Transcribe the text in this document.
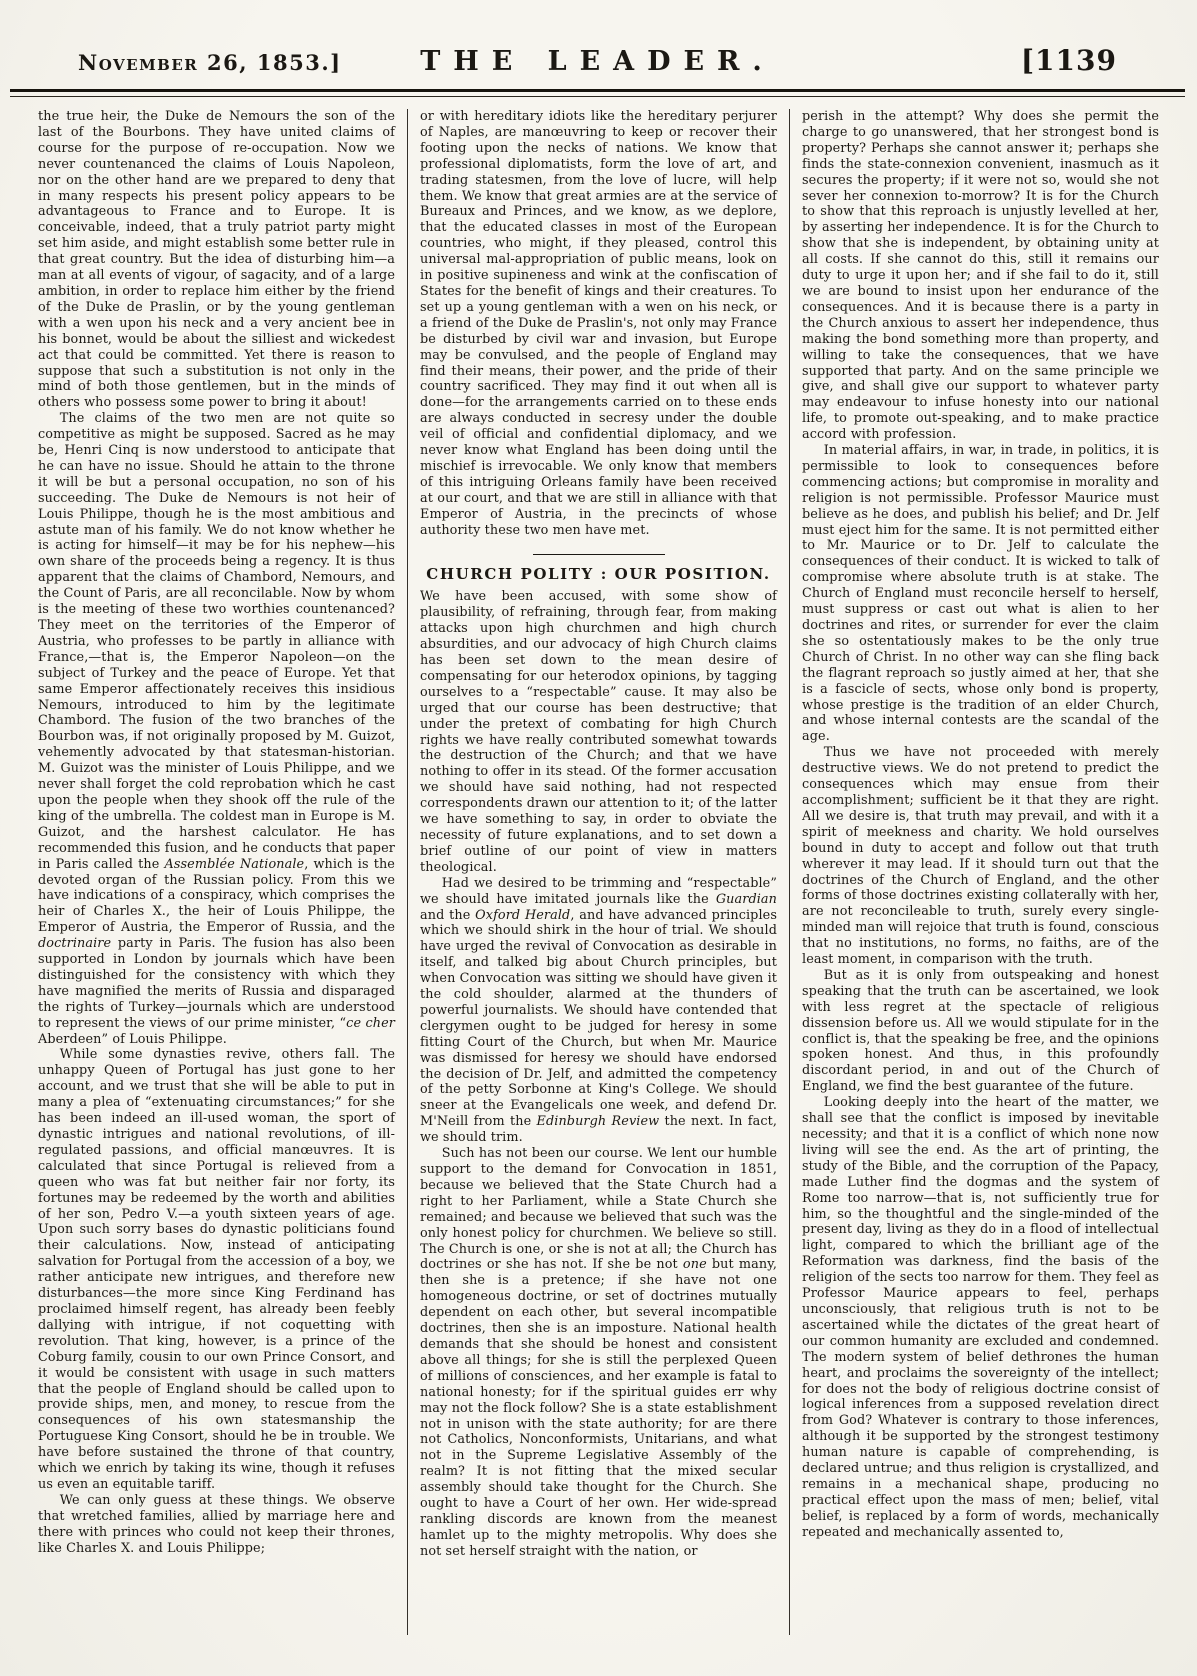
November 26, 1853.]	THE LEADER.	[1139

the true heir, the Duke de Nemours the son of the last of the Bourbons. They have united claims of course for the purpose of re-occupation. Now we never countenanced the claims of Louis Napoleon, nor on the other hand are we prepared to deny that in many respects his present policy appears to be advantageous to France and to Europe. It is conceivable, indeed, that a truly patriot party might set him aside, and might establish some better rule in that great country. But the idea of disturbing him—a man at all events of vigour, of sagacity, and of a large ambition, in order to replace him either by the friend of the Duke de Praslin, or by the young gentleman with a wen upon his neck and a very ancient bee in his bonnet, would be about the silliest and wickedest act that could be committed. Yet there is reason to suppose that such a substitution is not only in the mind of both those gentlemen, but in the minds of others who possess some power to bring it about!

The claims of the two men are not quite so competitive as might be supposed. Sacred as he may be, Henri Cinq is now understood to anticipate that he can have no issue. Should he attain to the throne it will be but a personal occupation, no son of his succeeding. The Duke de Nemours is not heir of Louis Philippe, though he is the most ambitious and astute man of his family. We do not know whether he is acting for himself—it may be for his nephew—his own share of the proceeds being a regency. It is thus apparent that the claims of Chambord, Nemours, and the Count of Paris, are all reconcilable. Now by whom is the meeting of these two worthies countenanced? They meet on the territories of the Emperor of Austria, who professes to be partly in alliance with France,—that is, the Emperor Napoleon—on the subject of Turkey and the peace of Europe. Yet that same Emperor affectionately receives this insidious Nemours, introduced to him by the legitimate Chambord. The fusion of the two branches of the Bourbon was, if not originally proposed by M. Guizot, vehemently advocated by that statesman-historian. M. Guizot was the minister of Louis Philippe, and we never shall forget the cold reprobation which he cast upon the people when they shook off the rule of the king of the umbrella. The coldest man in Europe is M. Guizot, and the harshest calculator. He has recommended this fusion, and he conducts that paper in Paris called the Assemblée Nationale, which is the devoted organ of the Russian policy. From this we have indications of a conspiracy, which comprises the heir of Charles X., the heir of Louis Philippe, the Emperor of Austria, the Emperor of Russia, and the doctrinaire party in Paris. The fusion has also been supported in London by journals which have been distinguished for the consistency with which they have magnified the merits of Russia and disparaged the rights of Turkey—journals which are understood to represent the views of our prime minister, “ce cher Aberdeen” of Louis Philippe.

While some dynasties revive, others fall. The unhappy Queen of Portugal has just gone to her account, and we trust that she will be able to put in many a plea of “extenuating circumstances;” for she has been indeed an ill-used woman, the sport of dynastic intrigues and national revolutions, of ill-regulated passions, and official manœuvres. It is calculated that since Portugal is relieved from a queen who was fat but neither fair nor forty, its fortunes may be redeemed by the worth and abilities of her son, Pedro V.—a youth sixteen years of age. Upon such sorry bases do dynastic politicians found their calculations. Now, instead of anticipating salvation for Portugal from the accession of a boy, we rather anticipate new intrigues, and therefore new disturbances—the more since King Ferdinand has proclaimed himself regent, has already been feebly dallying with intrigue, if not coquetting with revolution. That king, however, is a prince of the Coburg family, cousin to our own Prince Consort, and it would be consistent with usage in such matters that the people of England should be called upon to provide ships, men, and money, to rescue from the consequences of his own statesmanship the Portuguese King Consort, should he be in trouble. We have before sustained the throne of that country, which we enrich by taking its wine, though it refuses us even an equitable tariff.

We can only guess at these things. We observe that wretched families, allied by marriage here and there with princes who could not keep their thrones, like Charles X. and Louis Philippe;

or with hereditary idiots like the hereditary perjurer of Naples, are manœuvring to keep or recover their footing upon the necks of nations. We know that professional diplomatists, form the love of art, and trading statesmen, from the love of lucre, will help them. We know that great armies are at the service of Bureaux and Princes, and we know, as we deplore, that the educated classes in most of the European countries, who might, if they pleased, control this universal mal-appropriation of public means, look on in positive supineness and wink at the confiscation of States for the benefit of kings and their creatures. To set up a young gentleman with a wen on his neck, or a friend of the Duke de Praslin's, not only may France be disturbed by civil war and invasion, but Europe may be convulsed, and the people of England may find their means, their power, and the pride of their country sacrificed. They may find it out when all is done—for the arrangements carried on to these ends are always conducted in secresy under the double veil of official and confidential diplomacy, and we never know what England has been doing until the mischief is irrevocable. We only know that members of this intriguing Orleans family have been received at our court, and that we are still in alliance with that Emperor of Austria, in the precincts of whose authority these two men have met.

CHURCH POLITY : OUR POSITION.

We have been accused, with some show of plausibility, of refraining, through fear, from making attacks upon high churchmen and high church absurdities, and our advocacy of high Church claims has been set down to the mean desire of compensating for our heterodox opinions, by tagging ourselves to a “respectable” cause. It may also be urged that our course has been destructive; that under the pretext of combating for high Church rights we have really contributed somewhat towards the destruction of the Church; and that we have nothing to offer in its stead. Of the former accusation we should have said nothing, had not respected correspondents drawn our attention to it; of the latter we have something to say, in order to obviate the necessity of future explanations, and to set down a brief outline of our point of view in matters theological.

Had we desired to be trimming and “respectable” we should have imitated journals like the Guardian and the Oxford Herald, and have advanced principles which we should shirk in the hour of trial. We should have urged the revival of Convocation as desirable in itself, and talked big about Church principles, but when Convocation was sitting we should have given it the cold shoulder, alarmed at the thunders of powerful journalists. We should have contended that clergymen ought to be judged for heresy in some fitting Court of the Church, but when Mr. Maurice was dismissed for heresy we should have endorsed the decision of Dr. Jelf, and admitted the competency of the petty Sorbonne at King's College. We should sneer at the Evangelicals one week, and defend Dr. M'Neill from the Edinburgh Review the next. In fact, we should trim.

Such has not been our course. We lent our humble support to the demand for Convocation in 1851, because we believed that the State Church had a right to her Parliament, while a State Church she remained; and because we believed that such was the only honest policy for churchmen. We believe so still. The Church is one, or she is not at all; the Church has doctrines or she has not. If she be not one but many, then she is a pretence; if she have not one homogeneous doctrine, or set of doctrines mutually dependent on each other, but several incompatible doctrines, then she is an imposture. National health demands that she should be honest and consistent above all things; for she is still the perplexed Queen of millions of consciences, and her example is fatal to national honesty; for if the spiritual guides err why may not the flock follow? She is a state establishment not in unison with the state authority; for are there not Catholics, Nonconformists, Unitarians, and what not in the Supreme Legislative Assembly of the realm? It is not fitting that the mixed secular assembly should take thought for the Church. She ought to have a Court of her own. Her wide-spread rankling discords are known from the meanest hamlet up to the mighty metropolis. Why does she not set herself straight with the nation, or

perish in the attempt? Why does she permit the charge to go unanswered, that her strongest bond is property? Perhaps she cannot answer it; perhaps she finds the state-connexion convenient, inasmuch as it secures the property; if it were not so, would she not sever her connexion to-morrow? It is for the Church to show that this reproach is unjustly levelled at her, by asserting her independence. It is for the Church to show that she is independent, by obtaining unity at all costs. If she cannot do this, still it remains our duty to urge it upon her; and if she fail to do it, still we are bound to insist upon her endurance of the consequences. And it is because there is a party in the Church anxious to assert her independence, thus making the bond something more than property, and willing to take the consequences, that we have supported that party. And on the same principle we give, and shall give our support to whatever party may endeavour to infuse honesty into our national life, to promote out-speaking, and to make practice accord with profession.

In material affairs, in war, in trade, in politics, it is permissible to look to consequences before commencing actions; but compromise in morality and religion is not permissible. Professor Maurice must believe as he does, and publish his belief; and Dr. Jelf must eject him for the same. It is not permitted either to Mr. Maurice or to Dr. Jelf to calculate the consequences of their conduct. It is wicked to talk of compromise where absolute truth is at stake. The Church of England must reconcile herself to herself, must suppress or cast out what is alien to her doctrines and rites, or surrender for ever the claim she so ostentatiously makes to be the only true Church of Christ. In no other way can she fling back the flagrant reproach so justly aimed at her, that she is a fascicle of sects, whose only bond is property, whose prestige is the tradition of an elder Church, and whose internal contests are the scandal of the age.

Thus we have not proceeded with merely destructive views. We do not pretend to predict the consequences which may ensue from their accomplishment; sufficient be it that they are right. All we desire is, that truth may prevail, and with it a spirit of meekness and charity. We hold ourselves bound in duty to accept and follow out that truth wherever it may lead. If it should turn out that the doctrines of the Church of England, and the other forms of those doctrines existing collaterally with her, are not reconcileable to truth, surely every single-minded man will rejoice that truth is found, conscious that no institutions, no forms, no faiths, are of the least moment, in comparison with the truth.

But as it is only from outspeaking and honest speaking that the truth can be ascertained, we look with less regret at the spectacle of religious dissension before us. All we would stipulate for in the conflict is, that the speaking be free, and the opinions spoken honest. And thus, in this profoundly discordant period, in and out of the Church of England, we find the best guarantee of the future.

Looking deeply into the heart of the matter, we shall see that the conflict is imposed by inevitable necessity; and that it is a conflict of which none now living will see the end. As the art of printing, the study of the Bible, and the corruption of the Papacy, made Luther find the dogmas and the system of Rome too narrow—that is, not sufficiently true for him, so the thoughtful and the single-minded of the present day, living as they do in a flood of intellectual light, compared to which the brilliant age of the Reformation was darkness, find the basis of the religion of the sects too narrow for them. They feel as Professor Maurice appears to feel, perhaps unconsciously, that religious truth is not to be ascertained while the dictates of the great heart of our common humanity are excluded and condemned. The modern system of belief dethrones the human heart, and proclaims the sovereignty of the intellect; for does not the body of religious doctrine consist of logical inferences from a supposed revelation direct from God? Whatever is contrary to those inferences, although it be supported by the strongest testimony human nature is capable of comprehending, is declared untrue; and thus religion is crystallized, and remains in a mechanical shape, producing no practical effect upon the mass of men; belief, vital belief, is replaced by a form of words, mechanically repeated and mechanically assented to,
